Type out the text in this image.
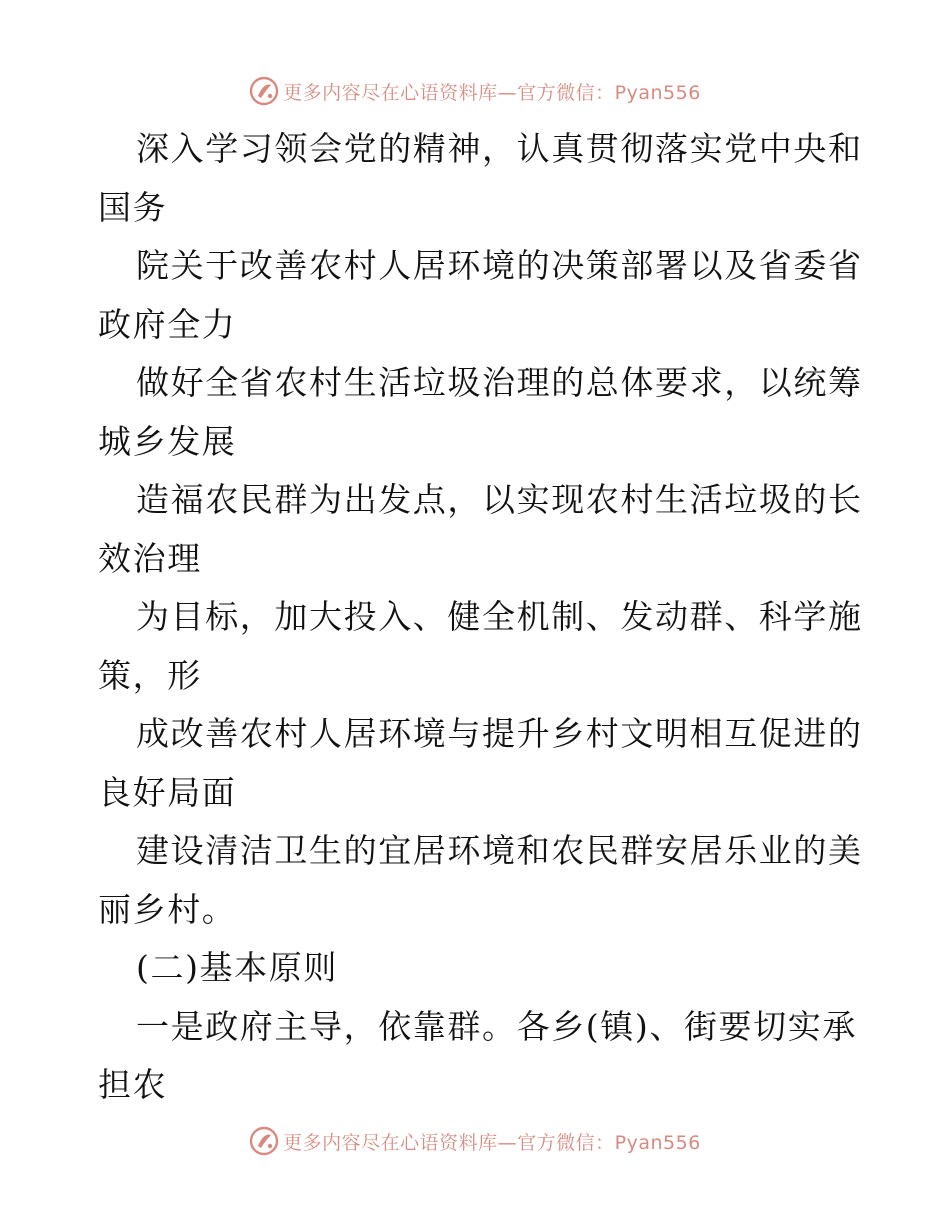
更多内容尽在心语资料库—官方微信：Pyan556
深入学习领会党的精神，认真贯彻落实党中央和
国务
院关于改善农村人居环境的决策部署以及省委省
政府全力
做好全省农村生活垃圾治理的总体要求，以统筹
城乡发展
造福农民群为出发点，以实现农村生活垃圾的长
效治理
为目标，加大投入、健全机制、发动群、科学施
策，形
成改善农村人居环境与提升乡村文明相互促进的
良好局面
建设清洁卫生的宜居环境和农民群安居乐业的美
丽乡村。
(二)基本原则
一是政府主导，依靠群。各乡(镇)、街要切实承
担农
更多内容尽在心语资料库—官方微信：Pyan556
